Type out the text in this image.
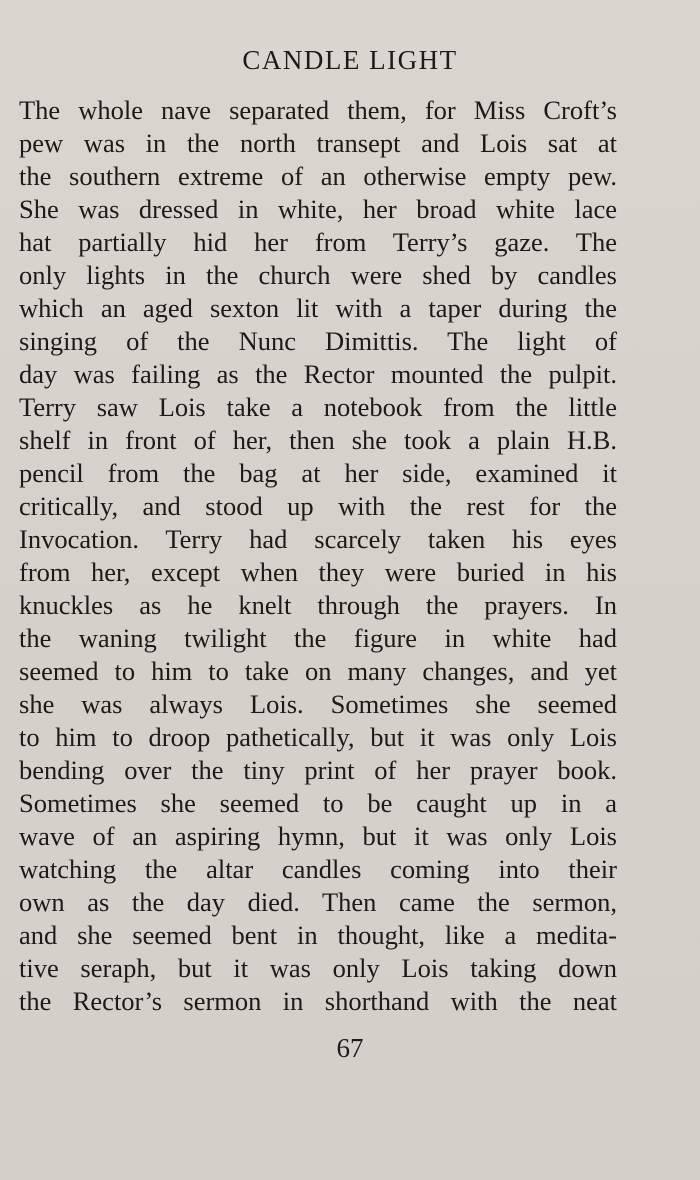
CANDLE LIGHT
The whole nave separated them, for Miss Croft’s
pew was in the north transept and Lois sat at
the southern extreme of an otherwise empty pew.
She was dressed in white, her broad white lace
hat partially hid her from Terry’s gaze. The
only lights in the church were shed by candles
which an aged sexton lit with a taper during the
singing of the Nunc Dimittis. The light of
day was failing as the Rector mounted the pulpit.
Terry saw Lois take a notebook from the little
shelf in front of her, then she took a plain H.B.
pencil from the bag at her side, examined it
critically, and stood up with the rest for the
Invocation. Terry had scarcely taken his eyes
from her, except when they were buried in his
knuckles as he knelt through the prayers. In
the waning twilight the figure in white had
seemed to him to take on many changes, and yet
she was always Lois. Sometimes she seemed
to him to droop pathetically, but it was only Lois
bending over the tiny print of her prayer book.
Sometimes she seemed to be caught up in a
wave of an aspiring hymn, but it was only Lois
watching the altar candles coming into their
own as the day died. Then came the sermon,
and she seemed bent in thought, like a medita-
tive seraph, but it was only Lois taking down
the Rector’s sermon in shorthand with the neat
67
